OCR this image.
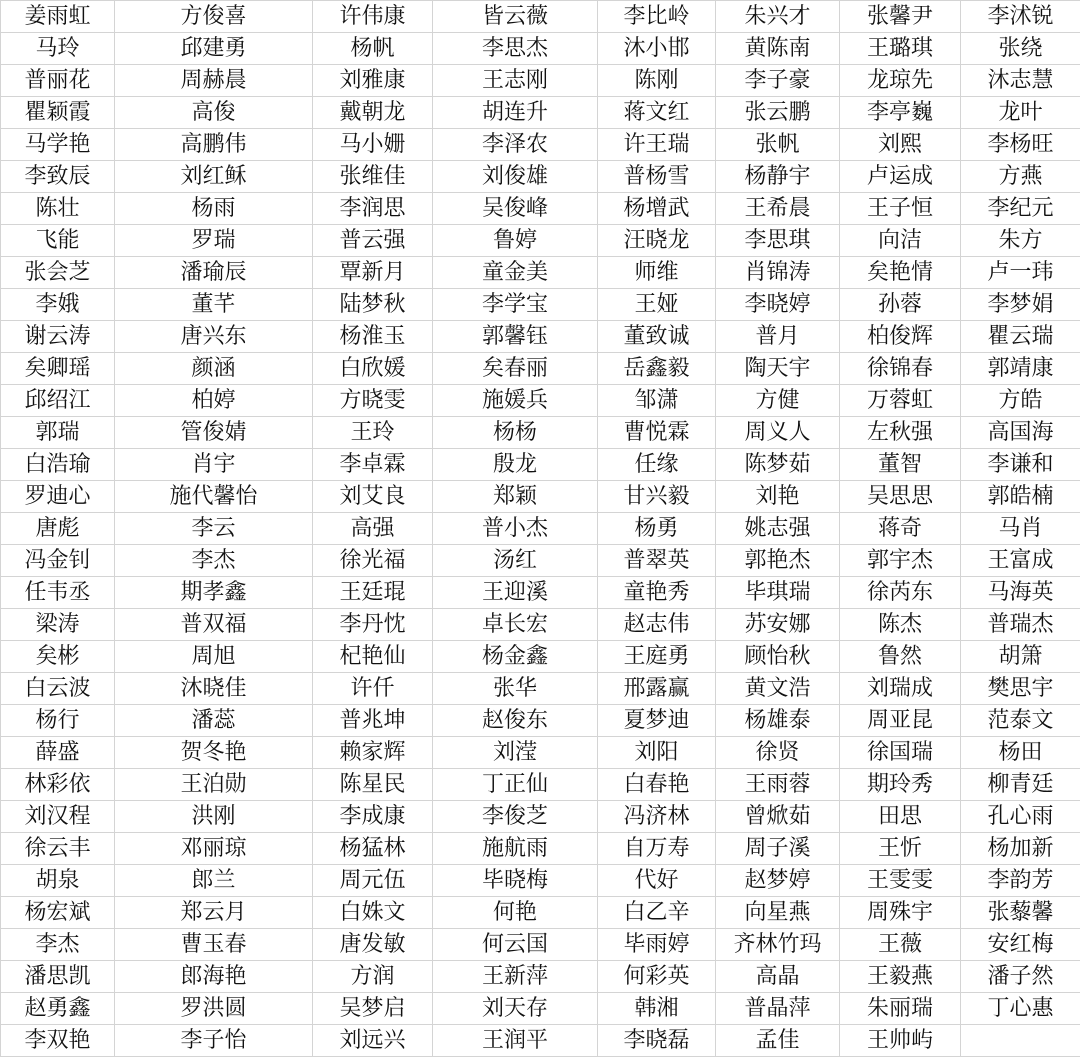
姜雨虹	方俊喜	许伟康	皆云薇	李比岭	朱兴才	张馨尹	李沭锐
马玲	邱建勇	杨帆	李思杰	沐小邯	黄陈南	王璐琪	张绕
普丽花	周赫晨	刘雅康	王志刚	陈刚	李子豪	龙琼先	沐志慧
瞿颖霞	高俊	戴朝龙	胡连升	蒋文红	张云鹏	李亭巍	龙叶
马学艳	高鹏伟	马小姗	李泽农	许王瑞	张帆	刘熙	李杨旺
李致辰	刘红稣	张维佳	刘俊雄	普杨雪	杨静宇	卢运成	方燕
陈壮	杨雨	李润思	吴俊峰	杨增武	王希晨	王子恒	李纪元
飞能	罗瑞	普云强	鲁婷	汪晓龙	李思琪	向洁	朱方
张会芝	潘瑜辰	覃新月	童金美	师维	肖锦涛	矣艳情	卢一玮
李娥	董芊	陆梦秋	李学宝	王娅	李晓婷	孙蓉	李梦娟
谢云涛	唐兴东	杨淮玉	郭馨钰	董致诚	普月	柏俊辉	瞿云瑞
矣卿瑶	颜涵	白欣媛	矣春丽	岳鑫毅	陶天宇	徐锦春	郭靖康
邱绍江	柏婷	方晓雯	施媛兵	邹潇	方健	万蓉虹	方皓
郭瑞	管俊婧	王玲	杨杨	曹悦霖	周义人	左秋强	高国海
白浩瑜	肖宇	李卓霖	殷龙	任缘	陈梦茹	董智	李谦和
罗迪心	施代馨怡	刘艾良	郑颖	甘兴毅	刘艳	吴思思	郭皓楠
唐彪	李云	高强	普小杰	杨勇	姚志强	蒋奇	马肖
冯金钊	李杰	徐光福	汤红	普翠英	郭艳杰	郭宇杰	王富成
任韦丞	期孝鑫	王廷琨	王迎溪	童艳秀	毕琪瑞	徐芮东	马海英
梁涛	普双福	李丹忱	卓长宏	赵志伟	苏安娜	陈杰	普瑞杰
矣彬	周旭	杞艳仙	杨金鑫	王庭勇	顾怡秋	鲁然	胡箫
白云波	沐晓佳	许仟	张华	邢露赢	黄文浩	刘瑞成	樊思宇
杨行	潘蕊	普兆坤	赵俊东	夏梦迪	杨雄泰	周亚昆	范泰文
薛盛	贺冬艳	赖家辉	刘滢	刘阳	徐贤	徐国瑞	杨田
林彩依	王泊勋	陈星民	丁正仙	白春艳	王雨蓉	期玲秀	柳青廷
刘汉程	洪刚	李成康	李俊芝	冯济林	曾焮茹	田思	孔心雨
徐云丰	邓丽琼	杨猛林	施航雨	自万寿	周子溪	王忻	杨加新
胡泉	郎兰	周元伍	毕晓梅	代好	赵梦婷	王雯雯	李韵芳
杨宏斌	郑云月	白姝文	何艳	白乙辛	向星燕	周殊宇	张藜馨
李杰	曹玉春	唐发敏	何云国	毕雨婷	齐林竹玛	王薇	安红梅
潘思凯	郎海艳	方润	王新萍	何彩英	高晶	王毅燕	潘子然
赵勇鑫	罗洪圆	吴梦启	刘天存	韩湘	普晶萍	朱丽瑞	丁心惠
李双艳	李子怡	刘远兴	王润平	李晓磊	孟佳	王帅屿	
